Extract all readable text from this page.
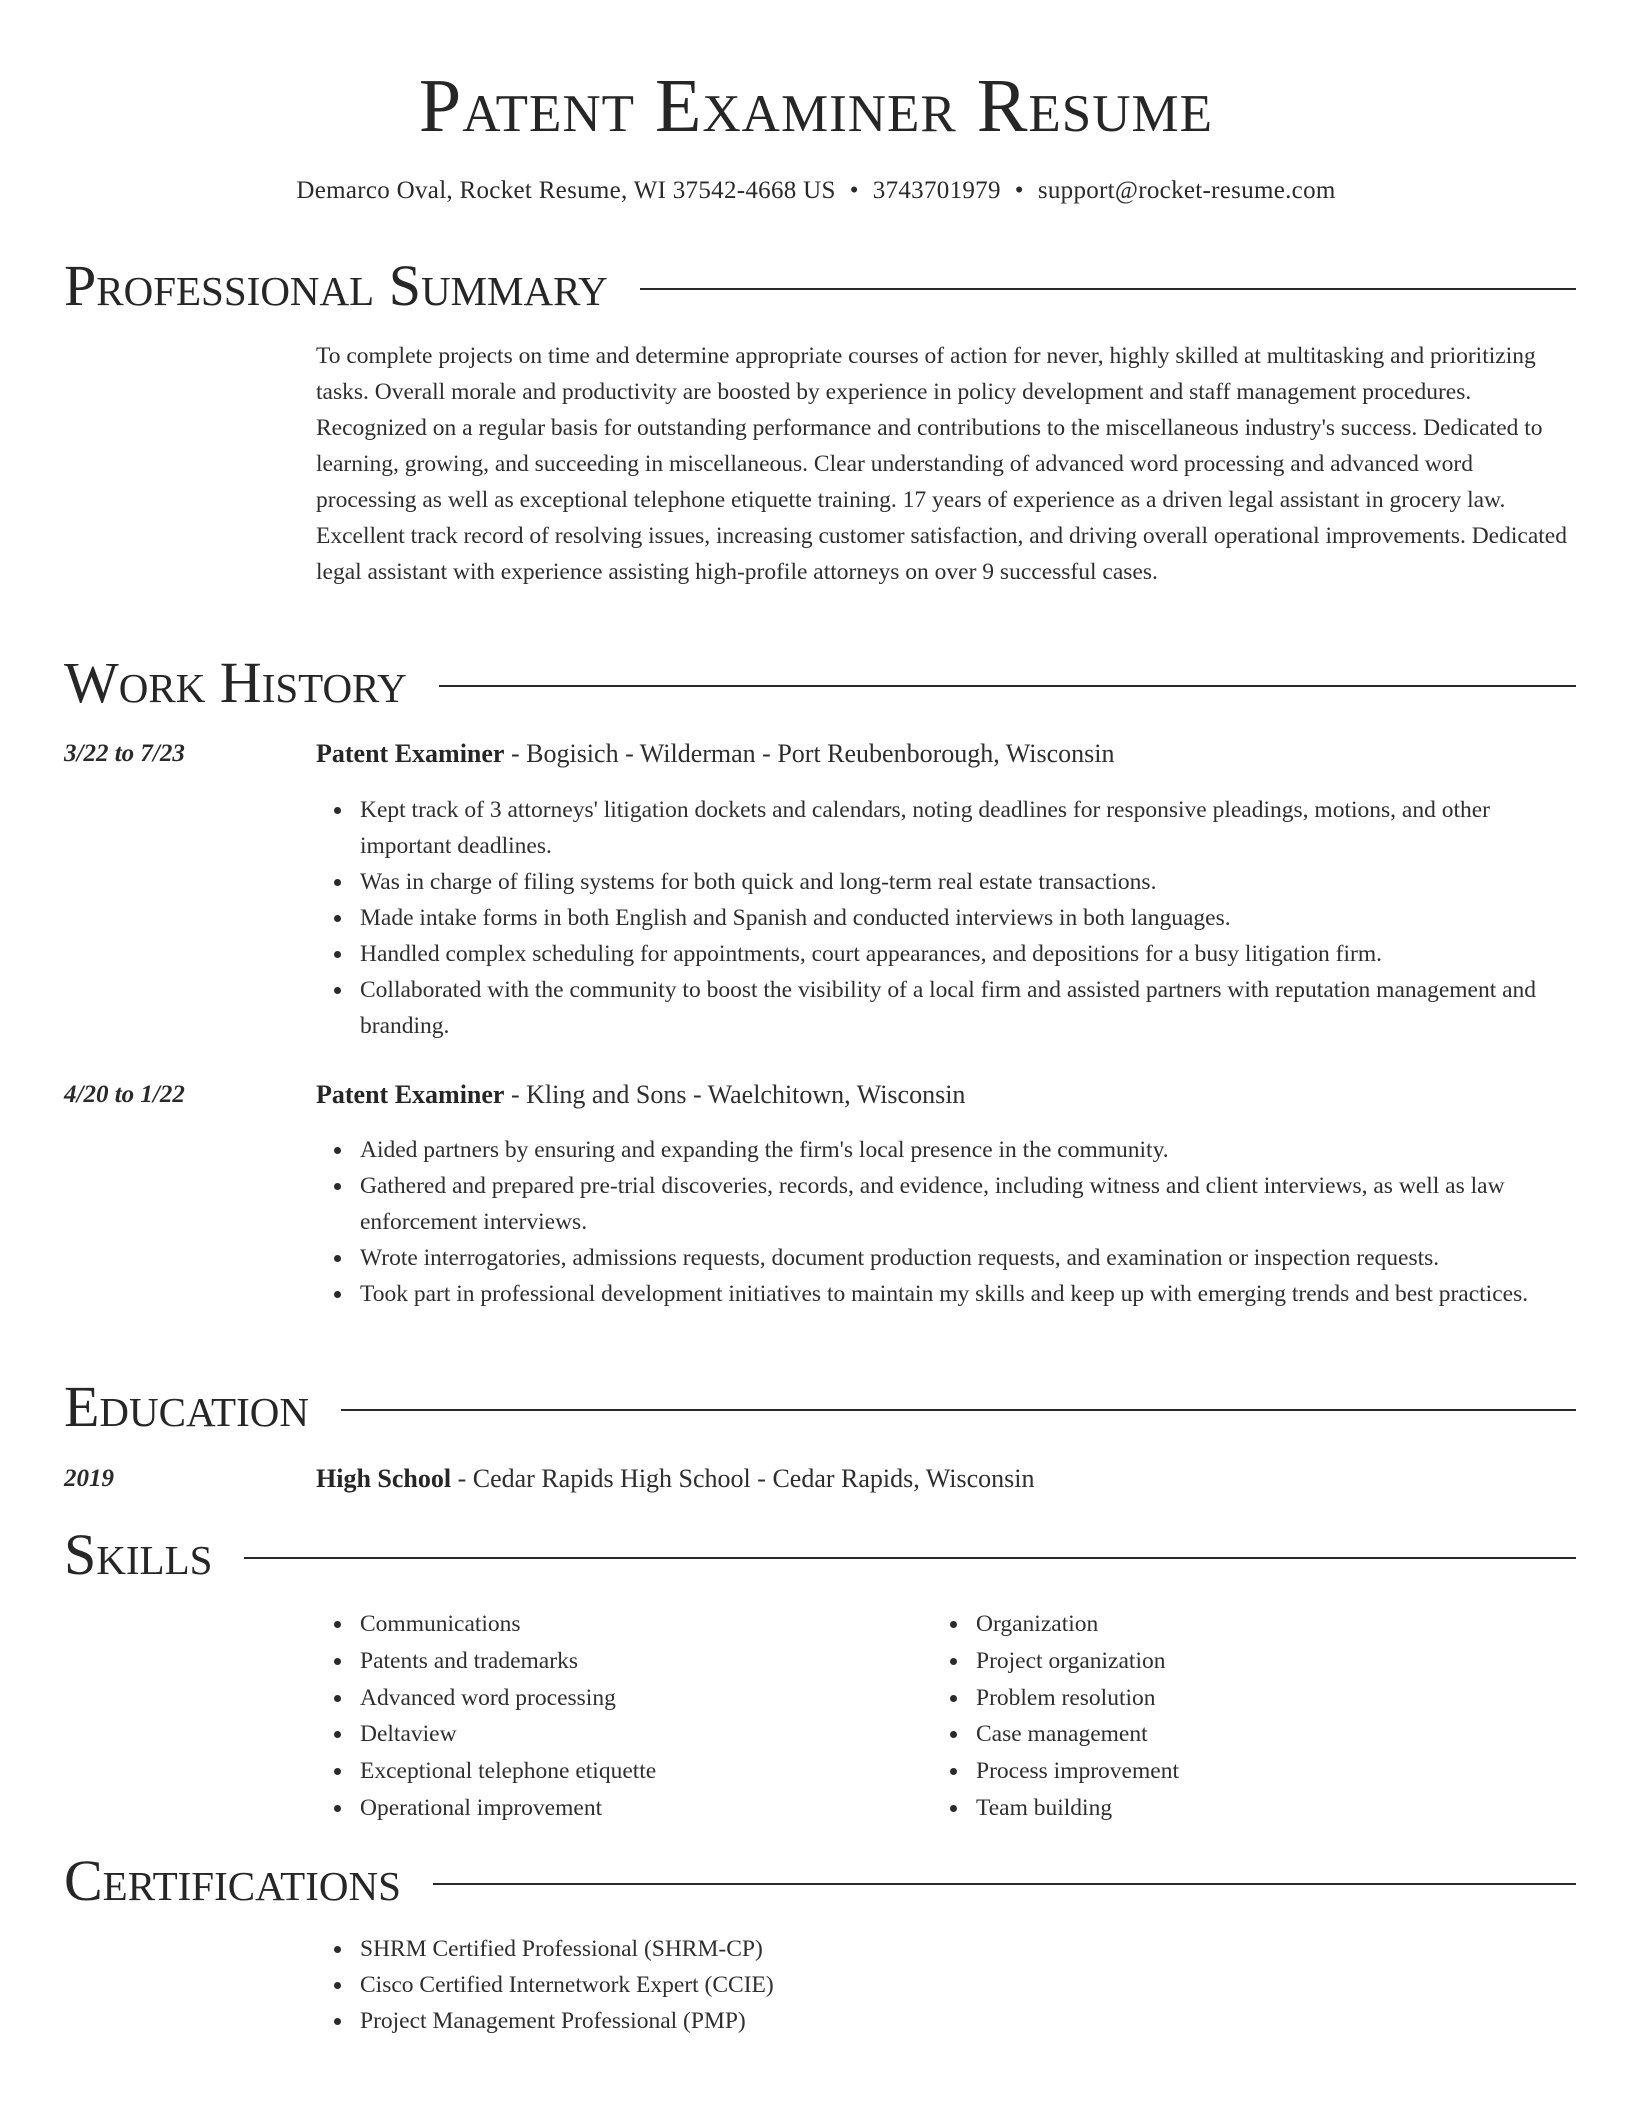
Patent Examiner Resume
Demarco Oval, Rocket Resume, WI 37542-4668 US • 3743701979 • support@rocket-resume.com
Professional Summary
To complete projects on time and determine appropriate courses of action for never, highly skilled at multitasking and prioritizing tasks. Overall morale and productivity are boosted by experience in policy development and staff management procedures. Recognized on a regular basis for outstanding performance and contributions to the miscellaneous industry's success. Dedicated to learning, growing, and succeeding in miscellaneous. Clear understanding of advanced word processing and advanced word processing as well as exceptional telephone etiquette training. 17 years of experience as a driven legal assistant in grocery law. Excellent track record of resolving issues, increasing customer satisfaction, and driving overall operational improvements. Dedicated legal assistant with experience assisting high-profile attorneys on over 9 successful cases.
Work History
3/22 to 7/23	Patent Examiner - Bogisich - Wilderman - Port Reubenborough, Wisconsin
Kept track of 3 attorneys' litigation dockets and calendars, noting deadlines for responsive pleadings, motions, and other important deadlines.
Was in charge of filing systems for both quick and long-term real estate transactions.
Made intake forms in both English and Spanish and conducted interviews in both languages.
Handled complex scheduling for appointments, court appearances, and depositions for a busy litigation firm.
Collaborated with the community to boost the visibility of a local firm and assisted partners with reputation management and branding.
4/20 to 1/22	Patent Examiner - Kling and Sons - Waelchitown, Wisconsin
Aided partners by ensuring and expanding the firm's local presence in the community.
Gathered and prepared pre-trial discoveries, records, and evidence, including witness and client interviews, as well as law enforcement interviews.
Wrote interrogatories, admissions requests, document production requests, and examination or inspection requests.
Took part in professional development initiatives to maintain my skills and keep up with emerging trends and best practices.
Education
2019	High School - Cedar Rapids High School - Cedar Rapids, Wisconsin
Skills
Communications
Patents and trademarks
Advanced word processing
Deltaview
Exceptional telephone etiquette
Operational improvement
Organization
Project organization
Problem resolution
Case management
Process improvement
Team building
Certifications
SHRM Certified Professional (SHRM-CP)
Cisco Certified Internetwork Expert (CCIE)
Project Management Professional (PMP)
